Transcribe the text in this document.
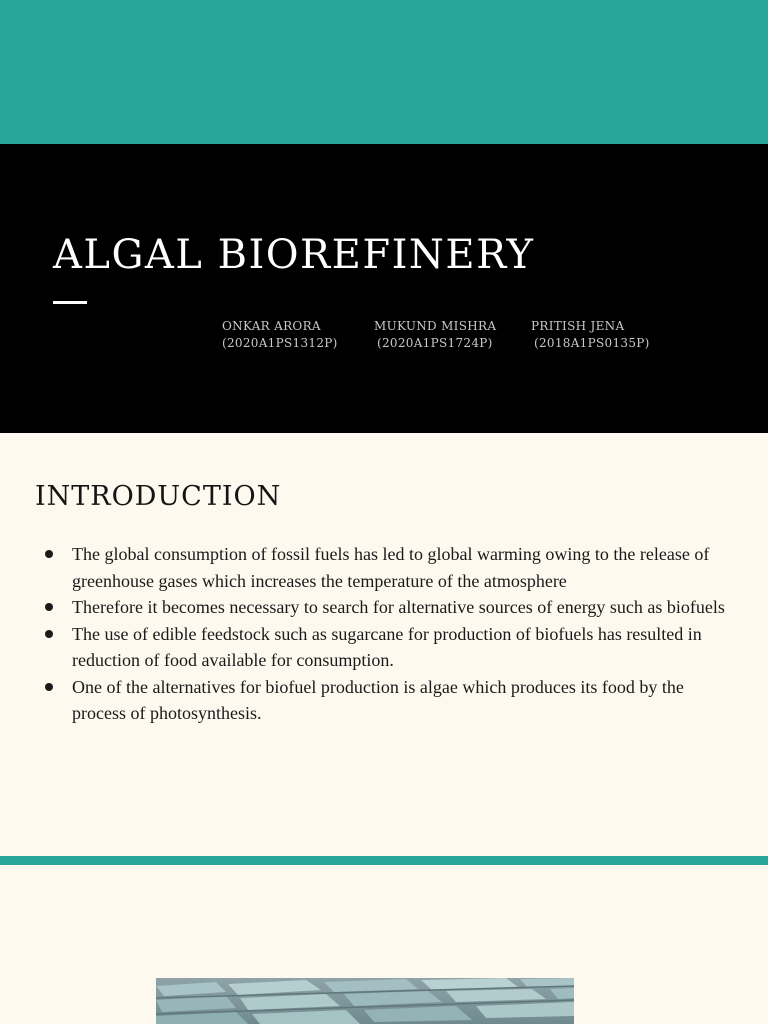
ALGAL BIOREFINERY
ONKAR ARORA
(2020A1PS1312P)
MUKUND MISHRA
(2020A1PS1724P)
PRITISH JENA
(2018A1PS0135P)
INTRODUCTION
The global consumption of fossil fuels has led to global warming owing to the release of greenhouse gases which increases the temperature of the atmosphere
Therefore it becomes necessary to search for alternative sources of energy such as biofuels
The use of edible feedstock such as sugarcane for production of biofuels has resulted in reduction of food available for consumption.
One of the alternatives for biofuel production is algae which produces its food by the process of photosynthesis.
